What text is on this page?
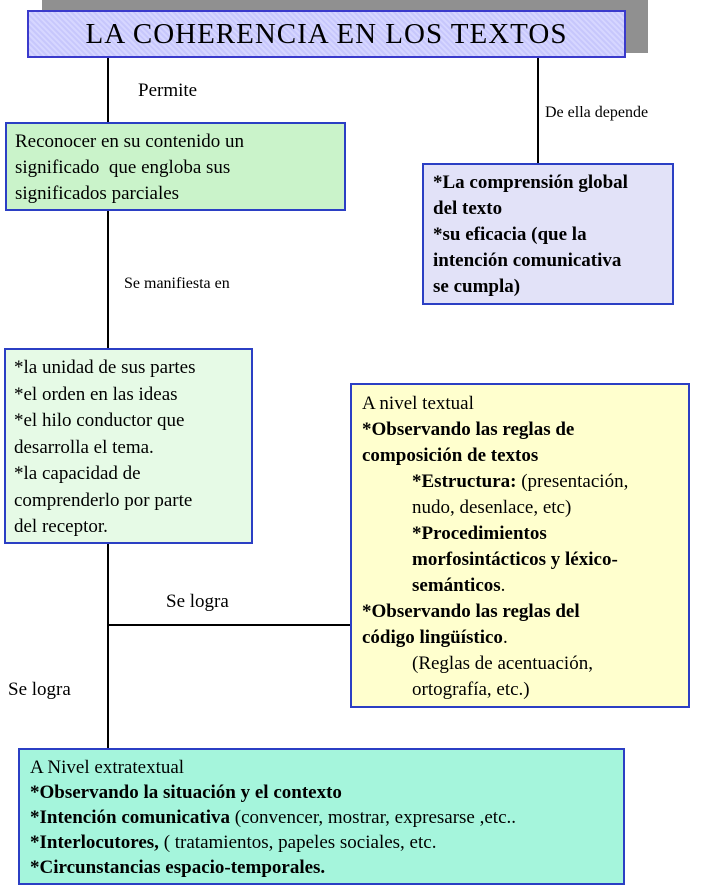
LA COHERENCIA EN LOS TEXTOS
Permite
De ella depende
Se manifiesta en
Se logra
Se logra
Reconocer en su contenido un
significado  que engloba sus
significados parciales
*La comprensión global
del texto
*su eficacia (que la
intención comunicativa
se cumpla)
*la unidad de sus partes
*el orden en las ideas
*el hilo conductor que
desarrolla el tema.
*la capacidad de
comprenderlo por parte
del receptor.
A nivel textual
*Observando las reglas de
composición de textos
*Estructura: (presentación,
nudo, desenlace, etc)
*Procedimientos
morfosintácticos y léxico-
semánticos.
*Observando las reglas del
código lingüístico.
(Reglas de acentuación,
ortografía, etc.)
A Nivel extratextual
*Observando la situación y el contexto
*Intención comunicativa (convencer, mostrar, expresarse ,etc..
*Interlocutores, ( tratamientos, papeles sociales, etc.
*Circunstancias espacio-temporales.
